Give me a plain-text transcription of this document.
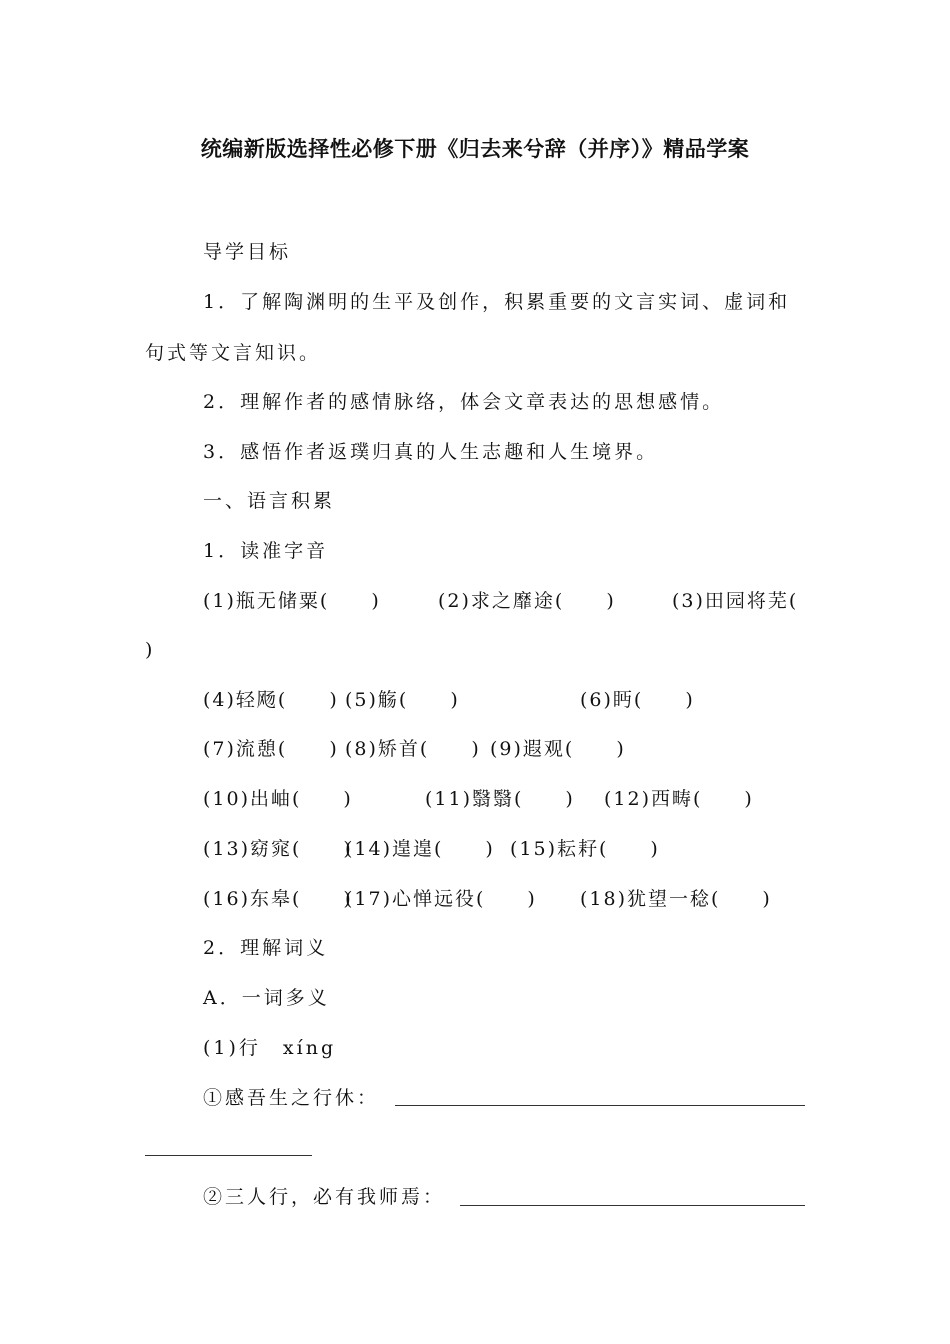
统编新版选择性必修下册《归去来兮辞（并序）》精品学案
导学目标
1．了解陶渊明的生平及创作，积累重要的文言实词、虚词和
句式等文言知识。
2．理解作者的感情脉络，体会文章表达的思想感情。
3．感悟作者返璞归真的人生志趣和人生境界。
一、语言积累
1．读准字音
(1)瓶无储粟(　　)	(2)求之靡途(　　)	(3)田园将芜(
)
(4)轻飏(　　) (5)觞(　　)	(6)眄(　　)
(7)流憩(　　) (8)矫首(　　) (9)遐观(　　)
(10)出岫(　　)	(11)翳翳(　　) (12)西畴(　　)
(13)窈窕(　　)
(14)遑遑(　　) (15)耘耔(　　)
(16)东皋(　　)
(17)心惮远役(　　) (18)犹望一稔(　　)
2．理解词义
A．一词多义
(1)行　xíng
①感吾生之行休：
②三人行，必有我师焉：
